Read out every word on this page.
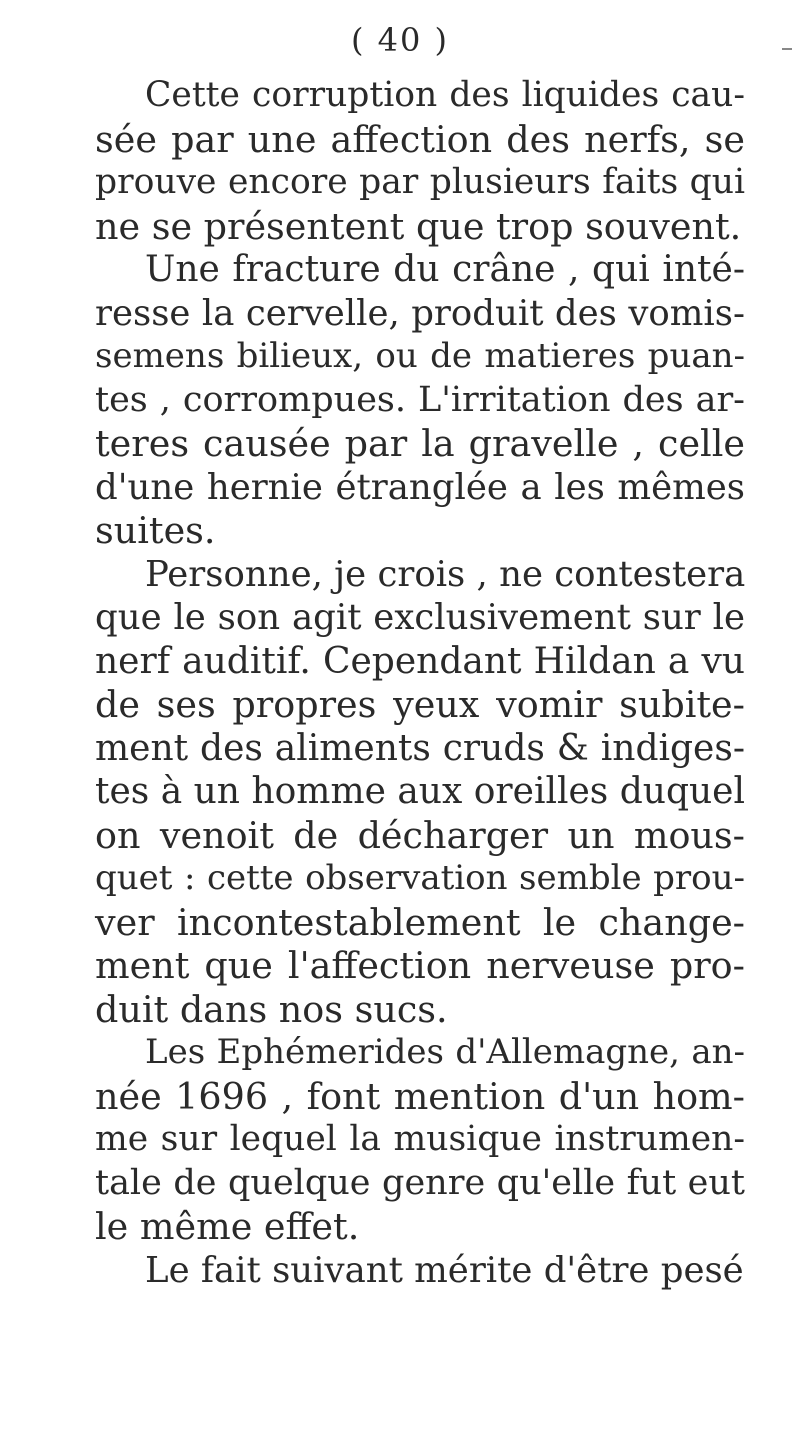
( 40 )
Cette corruption des liquides cau-
sée par une affection des nerfs, se
prouve encore par plusieurs faits qui
ne se présentent que trop souvent.
Une fracture du crâne , qui inté-
resse la cervelle, produit des vomis-
semens bilieux, ou de matieres puan-
tes , corrompues. L'irritation des ar-
teres causée par la gravelle , celle
d'une hernie étranglée a les mêmes
suites.
Personne, je crois , ne contestera
que le son agit exclusivement sur le
nerf auditif. Cependant Hildan a vu
de ses propres yeux vomir subite-
ment des aliments cruds & indiges-
tes à un homme aux oreilles duquel
on venoit de décharger un mous-
quet : cette observation semble prou-
ver incontestablement le change-
ment que l'affection nerveuse pro-
duit dans nos sucs.
Les Ephémerides d'Allemagne, an-
née 1696 , font mention d'un hom-
me sur lequel la musique instrumen-
tale de quelque genre qu'elle fut eut
le même effet.
Le fait suivant mérite d'être pesé
